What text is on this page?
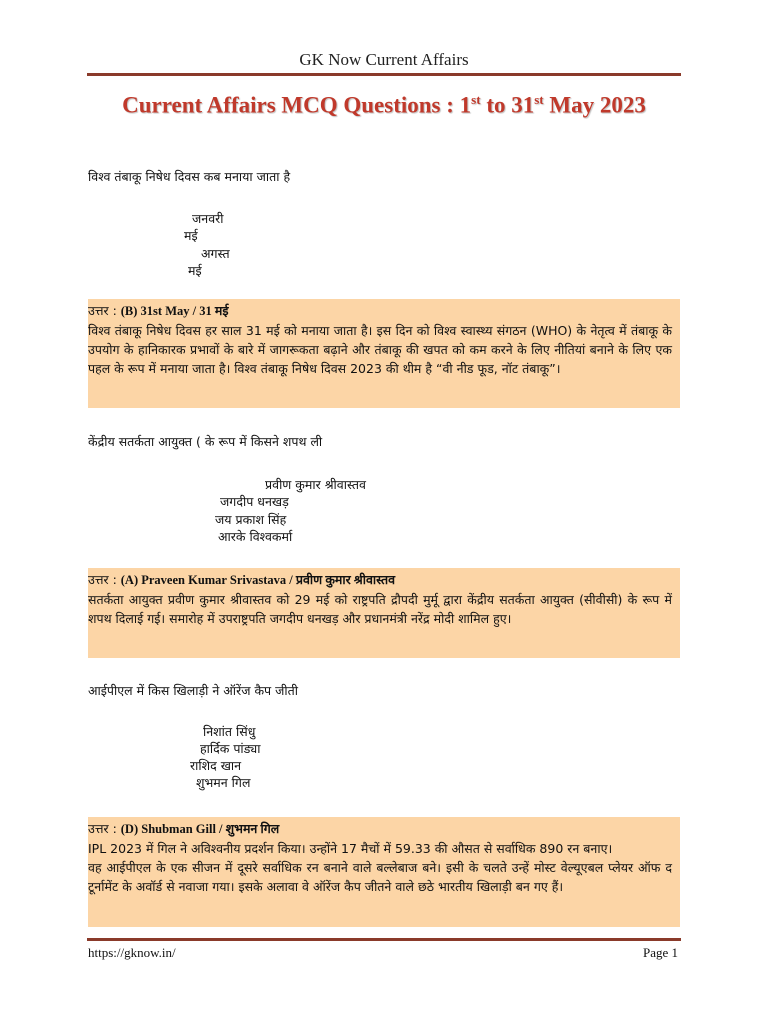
GK Now Current Affairs
Current Affairs MCQ Questions : 1st to 31st May 2023
विश्व तंबाकू निषेध दिवस कब मनाया जाता है
जनवरी
मई
अगस्त
मई
उत्तर : (B) 31st May / 31 मई

विश्व तंबाकू निषेध दिवस हर साल 31 मई को मनाया जाता है। इस दिन को विश्व स्वास्थ्य संगठन (WHO) के नेतृत्व में तंबाकू के उपयोग के हानिकारक प्रभावों के बारे में जागरूकता बढ़ाने और तंबाकू की खपत को कम करने के लिए नीतियां बनाने के लिए एक पहल के रूप में मनाया जाता है। विश्व तंबाकू निषेध दिवस 2023 की थीम है “वी नीड फूड, नॉट तंबाकू”।

केंद्रीय सतर्कता आयुक्त ( के रूप में किसने शपथ ली
प्रवीण कुमार श्रीवास्तव
जगदीप धनखड़
जय प्रकाश सिंह
आरके विश्वकर्मा
उत्तर : (A) Praveen Kumar Srivastava / प्रवीण कुमार श्रीवास्तव

सतर्कता आयुक्त प्रवीण कुमार श्रीवास्तव को 29 मई को राष्ट्रपति द्रौपदी मुर्मू द्वारा केंद्रीय सतर्कता आयुक्त (सीवीसी) के रूप में शपथ दिलाई गई। समारोह में उपराष्ट्रपति जगदीप धनखड़ और प्रधानमंत्री नरेंद्र मोदी शामिल हुए।

आईपीएल में किस खिलाड़ी ने ऑरेंज कैप जीती
निशांत सिंधु
हार्दिक पांड्या
राशिद खान
शुभमन गिल
उत्तर : (D) Shubman Gill / शुभमन गिल

IPL 2023 में गिल ने अविश्वनीय प्रदर्शन किया। उन्होंने 17 मैचों में 59.33 की औसत से सर्वाधिक 890 रन बनाए।

वह आईपीएल के एक सीजन में दूसरे सर्वाधिक रन बनाने वाले बल्लेबाज बने। इसी के चलते उन्हें मोस्ट वेल्यूएबल प्लेयर ऑफ द टूर्नामेंट के अवॉर्ड से नवाजा गया। इसके अलावा वे ऑरेंज कैप जीतने वाले छठे भारतीय खिलाड़ी बन गए हैं।

https://gknow.in/	Page 1
